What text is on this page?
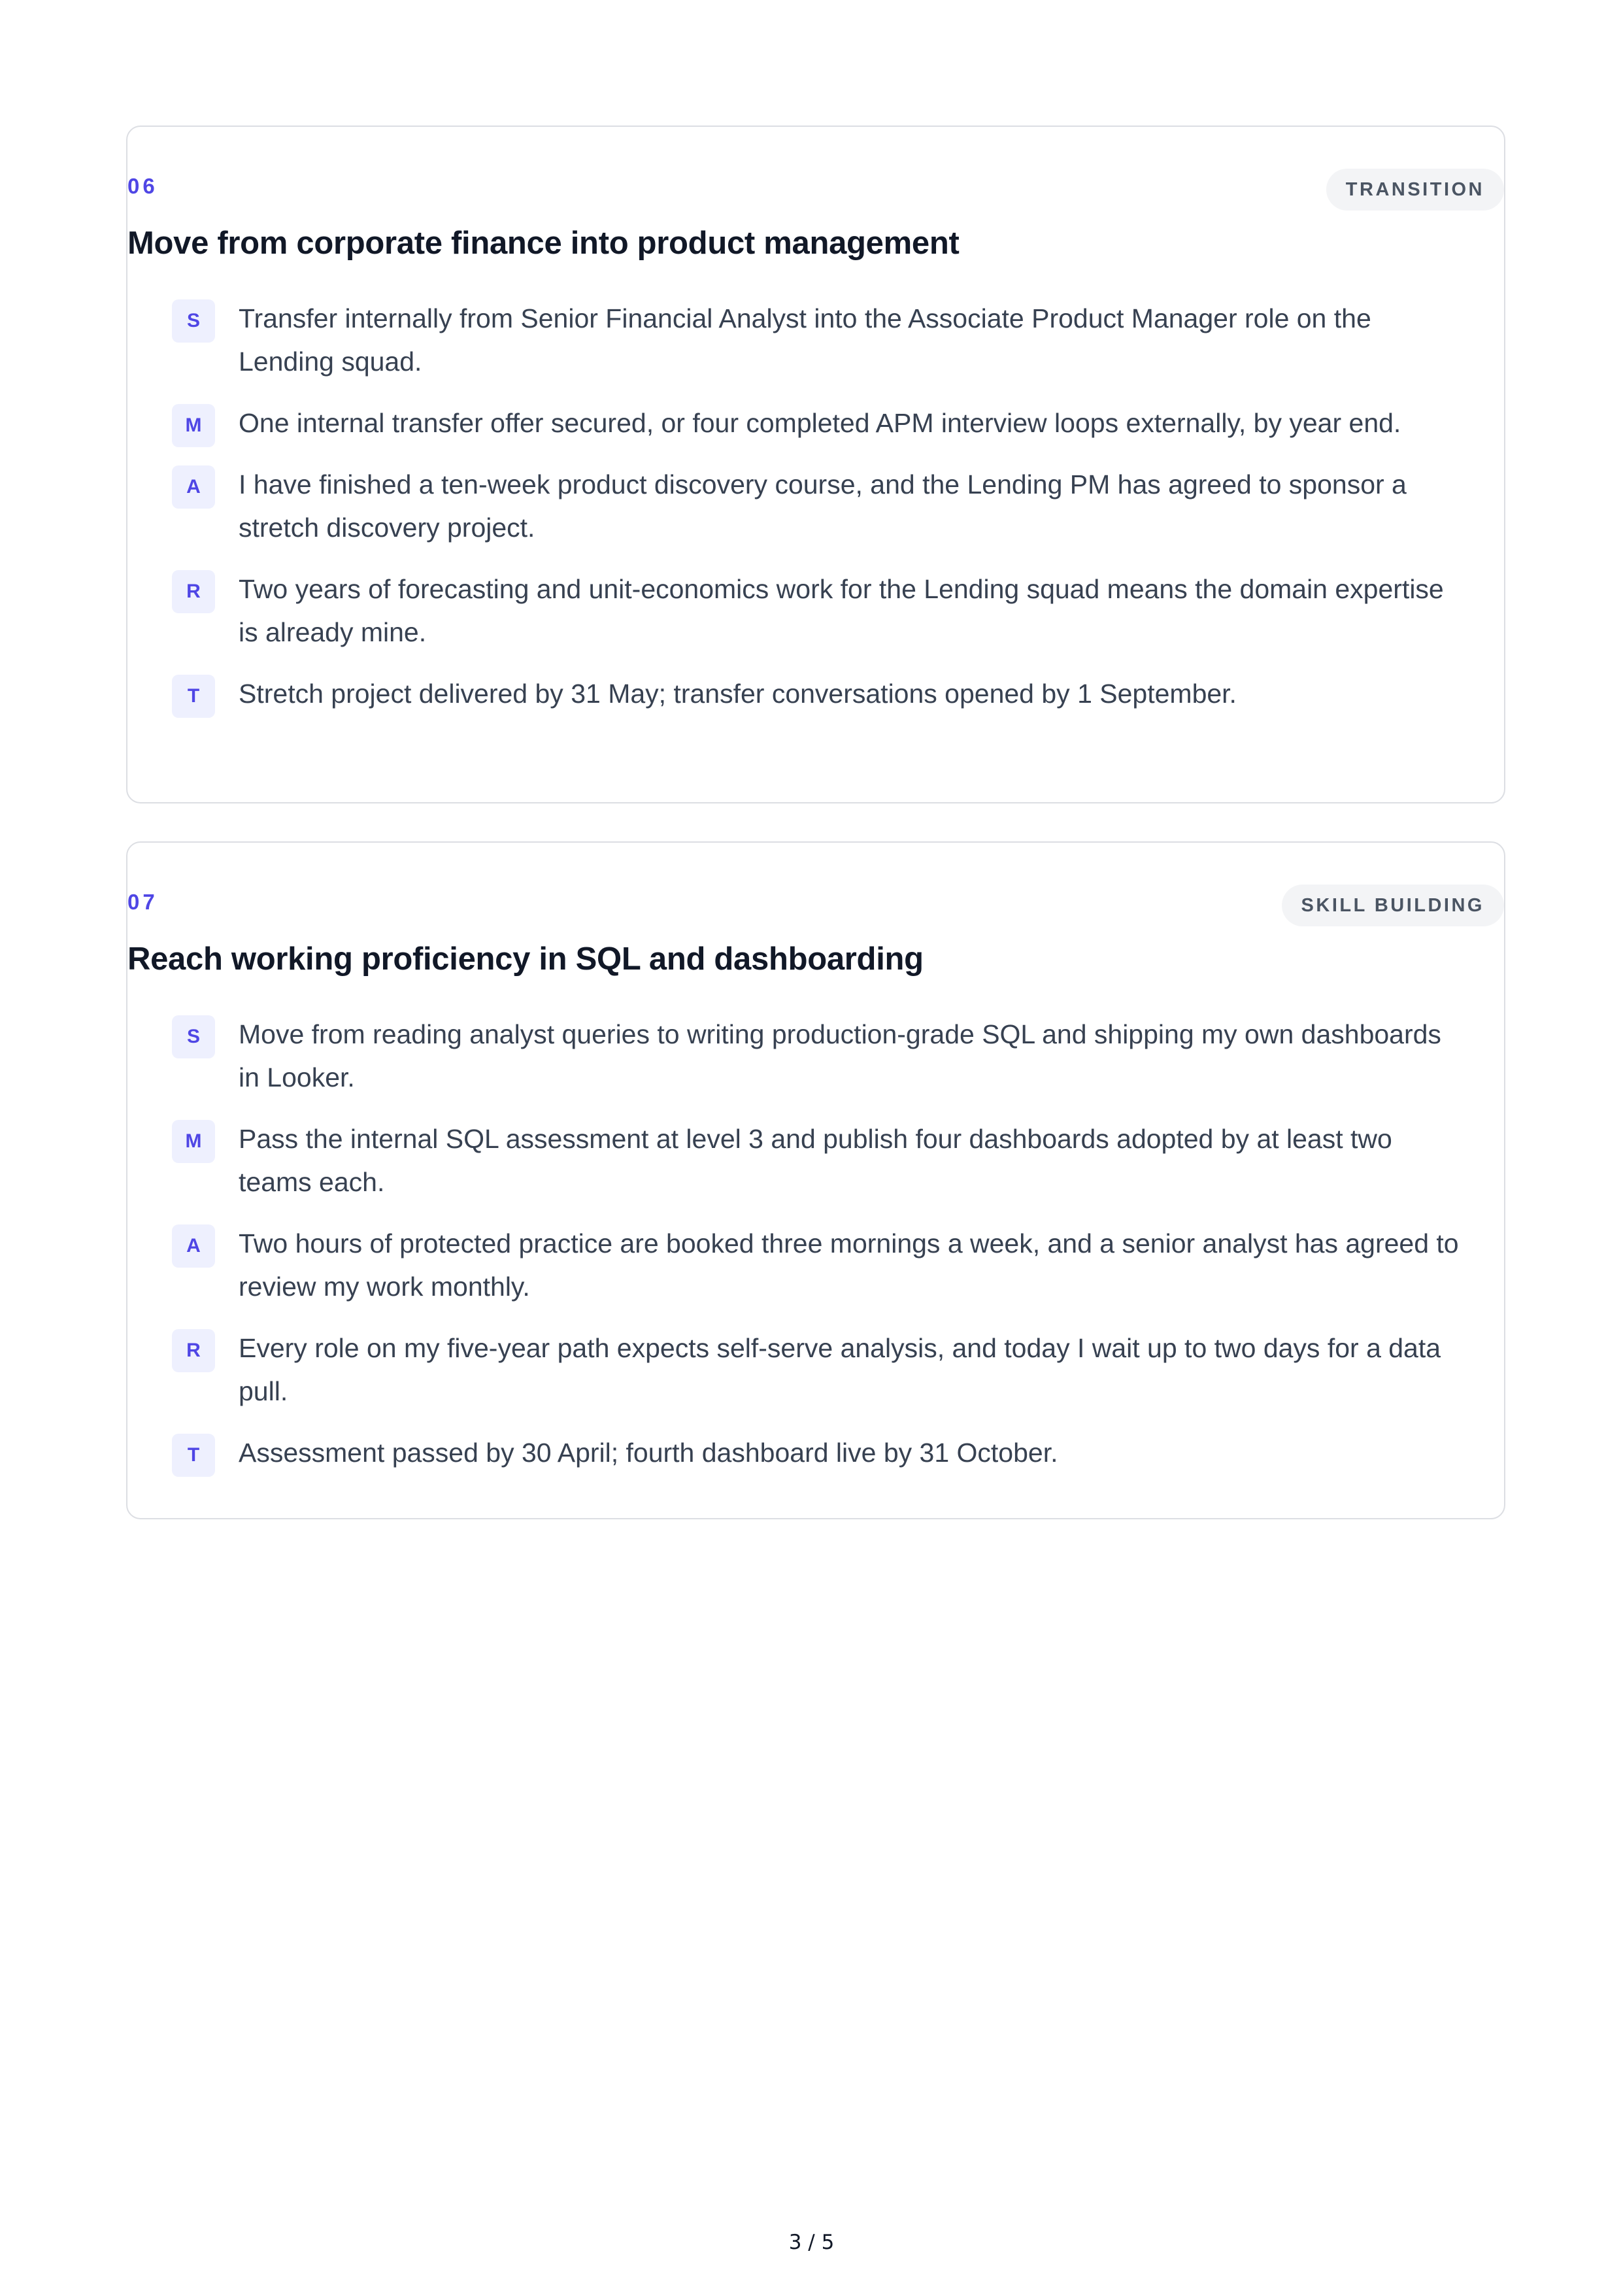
06	TRANSITION
Move from corporate finance into product management
S	Transfer internally from Senior Financial Analyst into the Associate Product Manager role on the Lending squad.
M	One internal transfer offer secured, or four completed APM interview loops externally, by year end.
A	I have finished a ten-week product discovery course, and the Lending PM has agreed to sponsor a stretch discovery project.
R	Two years of forecasting and unit-economics work for the Lending squad means the domain expertise is already mine.
T	Stretch project delivered by 31 May; transfer conversations opened by 1 September.
07	SKILL BUILDING
Reach working proficiency in SQL and dashboarding
S	Move from reading analyst queries to writing production-grade SQL and shipping my own dashboards in Looker.
M	Pass the internal SQL assessment at level 3 and publish four dashboards adopted by at least two teams each.
A	Two hours of protected practice are booked three mornings a week, and a senior analyst has agreed to review my work monthly.
R	Every role on my five-year path expects self-serve analysis, and today I wait up to two days for a data pull.
T	Assessment passed by 30 April; fourth dashboard live by 31 October.
3 / 5
